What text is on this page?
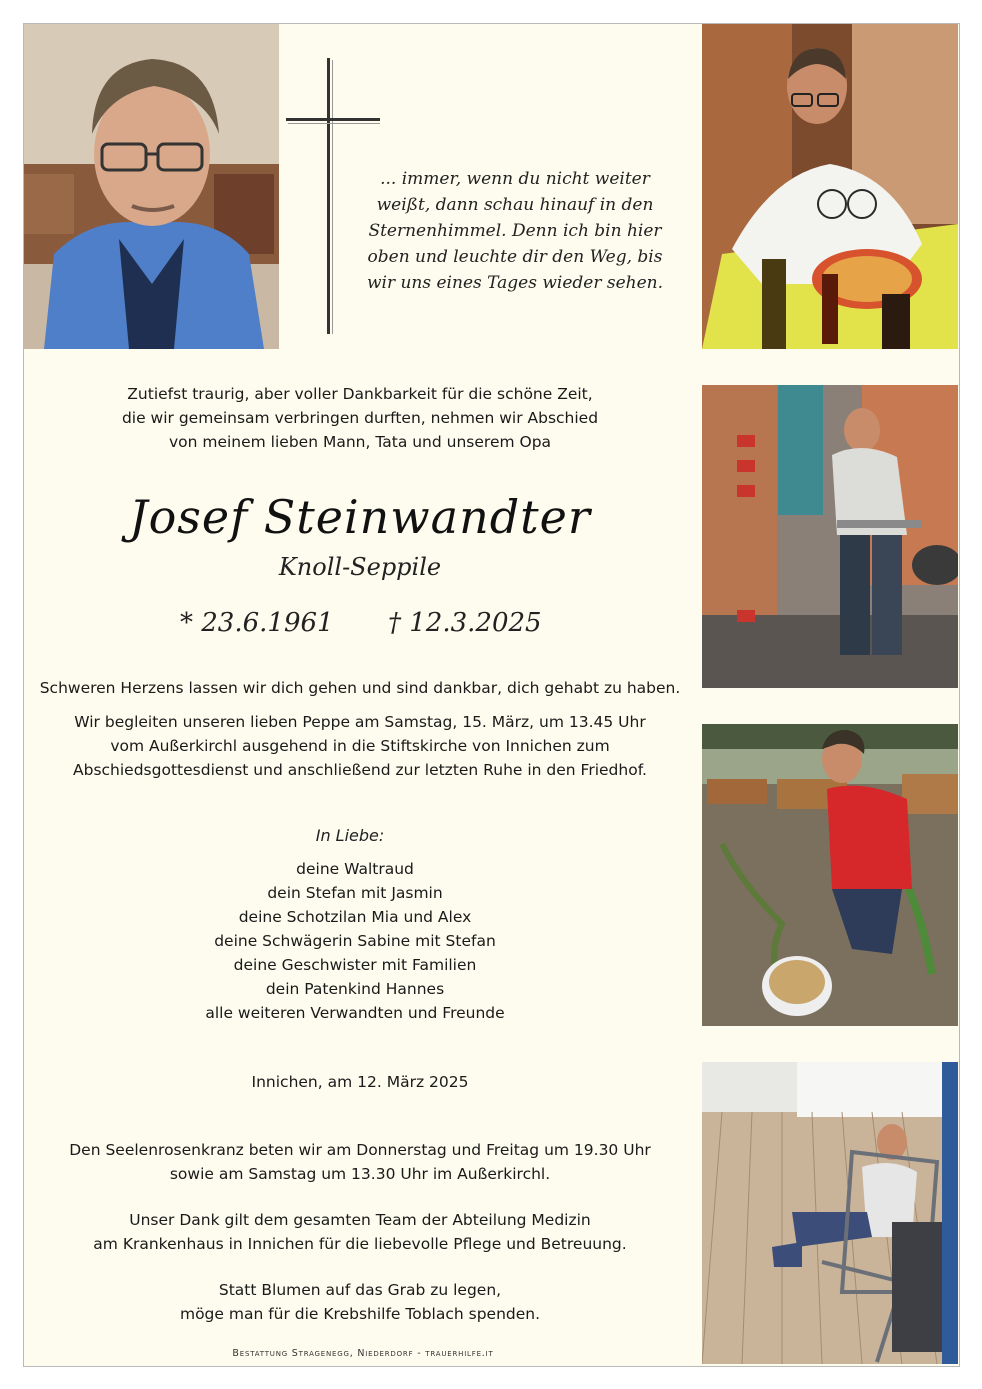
... immer, wenn du nicht weiter
weißt, dann schau hinauf in den
Sternenhimmel. Denn ich bin hier
oben und leuchte dir den Weg, bis
wir uns eines Tages wieder sehen.
Zutiefst traurig, aber voller Dankbarkeit für die schöne Zeit,
die wir gemeinsam verbringen durften, nehmen wir Abschied
von meinem lieben Mann, Tata und unserem Opa
Josef Steinwandter
Knoll-Seppile
* 23.6.1961 † 12.3.2025
Schweren Herzens lassen wir dich gehen und sind dankbar, dich gehabt zu haben.
Wir begleiten unseren lieben Peppe am Samstag, 15. März, um 13.45 Uhr
vom Außerkirchl ausgehend in die Stiftskirche von Innichen zum
Abschiedsgottesdienst und anschließend zur letzten Ruhe in den Friedhof.
In Liebe:
deine Waltraud
dein Stefan mit Jasmin
deine Schotzilan Mia und Alex
deine Schwägerin Sabine mit Stefan
deine Geschwister mit Familien
dein Patenkind Hannes
alle weiteren Verwandten und Freunde
Innichen, am 12. März 2025
Den Seelenrosenkranz beten wir am Donnerstag und Freitag um 19.30 Uhr
sowie am Samstag um 13.30 Uhr im Außerkirchl.
Unser Dank gilt dem gesamten Team der Abteilung Medizin
am Krankenhaus in Innichen für die liebevolle Pflege und Betreuung.
Statt Blumen auf das Grab zu legen,
möge man für die Krebshilfe Toblach spenden.
Bestattung Stragenegg, Niederdorf - trauerhilfe.it
